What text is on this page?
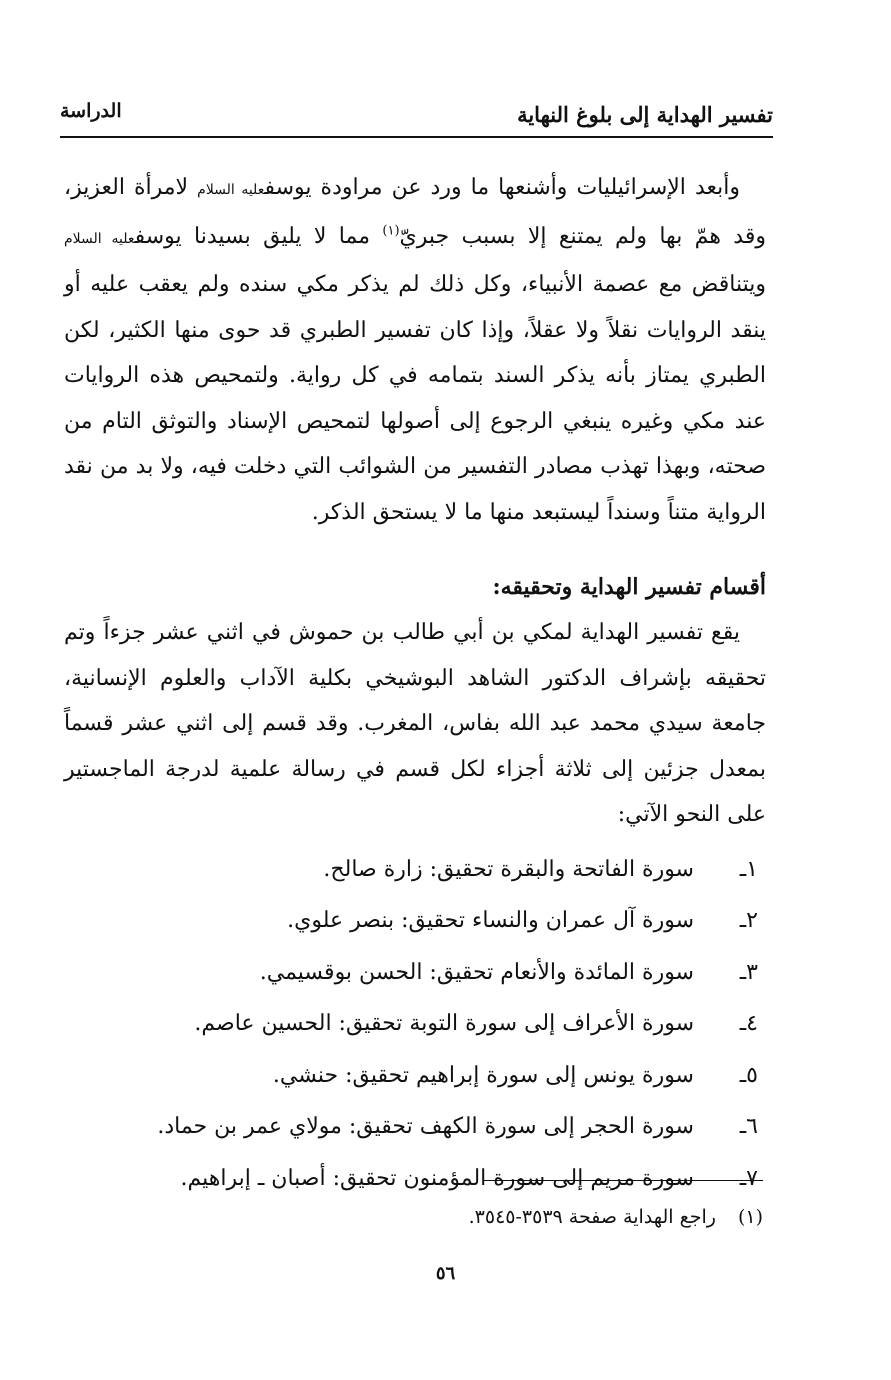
تفسير الهداية إلى بلوغ النهاية
الدراسة

وأبعد الإسرائيليات وأشنعها ما ورد عن مراودة يوسفعليه السلام لامرأة العزيز، وقد همّ بها ولم يمتنع إلا بسبب جبريّ$^{(١)}$ مما لا يليق بسيدنا يوسفعليه السلام ويتناقض مع عصمة الأنبياء، وكل ذلك لم يذكر مكي سنده ولم يعقب عليه أو ينقد الروايات نقلاً ولا عقلاً، وإذا كان تفسير الطبري قد حوى منها الكثير، لكن الطبري يمتاز بأنه يذكر السند بتمامه في كل رواية. ولتمحيص هذه الروايات عند مكي وغيره ينبغي الرجوع إلى أصولها لتمحيص الإسناد والتوثق التام من صحته، وبهذا تهذب مصادر التفسير من الشوائب التي دخلت فيه، ولا بد من نقد الرواية متناً وسنداً ليستبعد منها ما لا يستحق الذكر.

أقسام تفسير الهداية وتحقيقه:

يقع تفسير الهداية لمكي بن أبي طالب بن حموش في اثني عشر جزءاً وتم تحقيقه بإشراف الدكتور الشاهد البوشيخي بكلية الآداب والعلوم الإنسانية، جامعة سيدي محمد عبد الله بفاس، المغرب. وقد قسم إلى اثني عشر قسماً بمعدل جزئين إلى ثلاثة أجزاء لكل قسم في رسالة علمية لدرجة الماجستير على النحو الآتي:

١ـسورة الفاتحة والبقرة تحقيق: زارة صالح.
٢ـسورة آل عمران والنساء تحقيق: بنصر علوي.
٣ـسورة المائدة والأنعام تحقيق: الحسن بوقسيمي.
٤ـسورة الأعراف إلى سورة التوبة تحقيق: الحسين عاصم.
٥ـسورة يونس إلى سورة إبراهيم تحقيق: حنشي.
٦ـسورة الحجر إلى سورة الكهف تحقيق: مولاي عمر بن حماد.
٧ـسورة مريم إلى سورة المؤمنون تحقيق: أصبان ـ إبراهيم.
(١)راجع الهداية صفحة ٣٥٣٩-٣٥٤٥.
٥٦
